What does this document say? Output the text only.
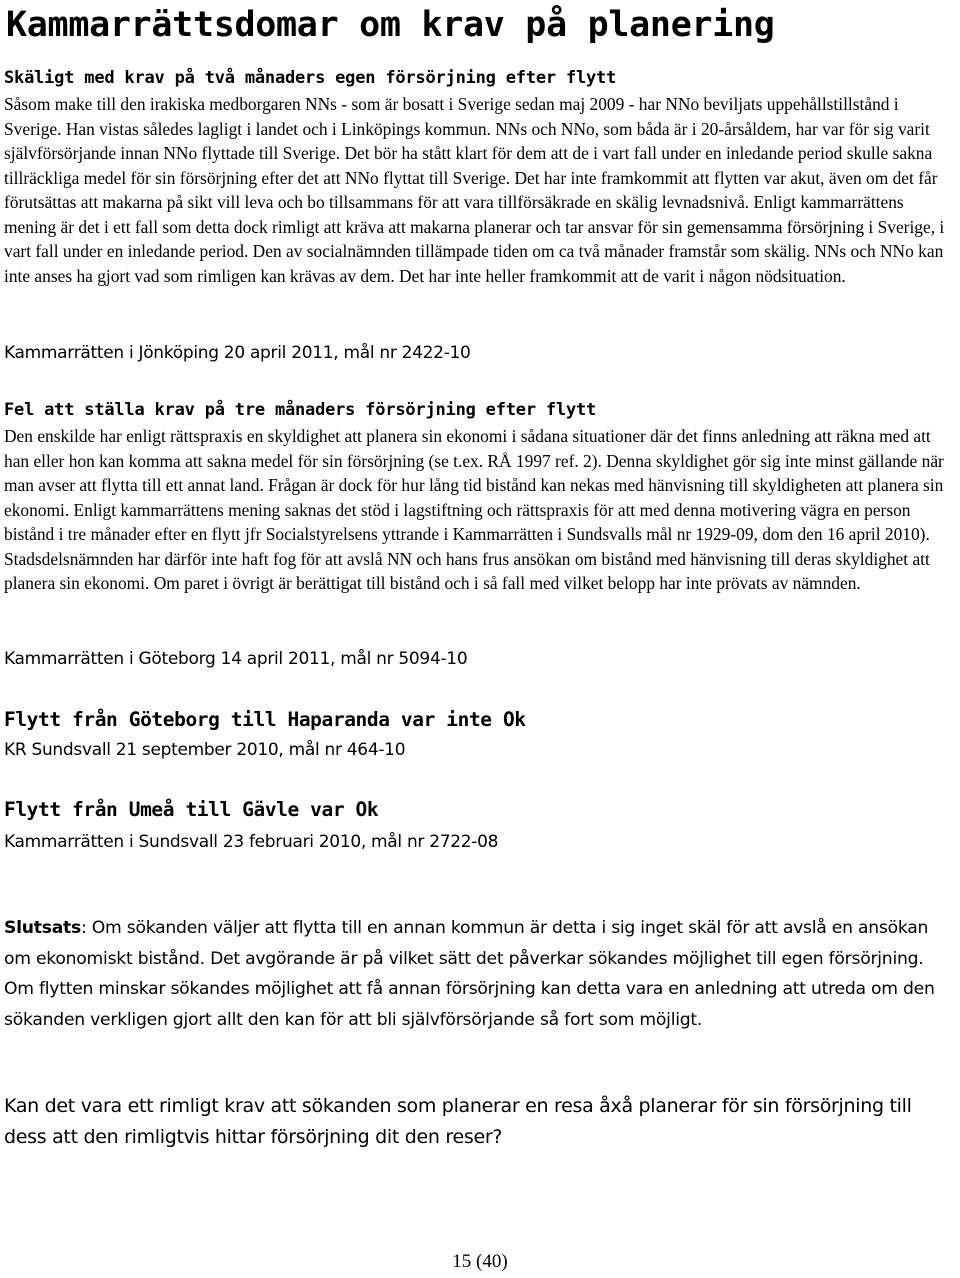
Kammarrättsdomar om krav på planering
Skäligt med krav på två månaders egen försörjning efter flytt

Såsom make till den irakiska medborgaren NNs - som är bosatt i Sverige sedan maj 2009 - har NNo beviljats uppehållstillstånd i Sverige. Han vistas således lagligt i landet och i Linköpings kommun. NNs och NNo, som båda är i 20-årsåldem, har var för sig varit självförsörjande innan NNo flyttade till Sverige. Det bör ha stått klart för dem att de i vart fall under en inledande period skulle sakna tillräckliga medel för sin försörjning efter det att NNo flyttat till Sverige. Det har inte framkommit att flytten var akut, även om det får förutsättas att makarna på sikt vill leva och bo tillsammans för att vara tillförsäkrade en skälig levnadsnivå. Enligt kammarrättens mening är det i ett fall som detta dock rimligt att kräva att makarna planerar och tar ansvar för sin gemensamma försörjning i Sverige, i vart fall under en inledande period. Den av socialnämnden tillämpade tiden om ca två månader framstår som skälig. NNs och NNo kan inte anses ha gjort vad som rimligen kan krävas av dem. Det har inte heller framkommit att de varit i någon nödsituation.

Kammarrätten i Jönköping 20 april 2011, mål nr 2422-10

Fel att ställa krav på tre månaders försörjning efter flytt

Den enskilde har enligt rättspraxis en skyldighet att planera sin ekonomi i sådana situationer där det finns anledning att räkna med att han eller hon kan komma att sakna medel för sin försörjning (se t.ex. RÅ 1997 ref. 2). Denna skyldighet gör sig inte minst gällande när man avser att flytta till ett annat land. Frågan är dock för hur lång tid bistånd kan nekas med hänvisning till skyldigheten att planera sin ekonomi. Enligt kammarrättens mening saknas det stöd i lagstiftning och rättspraxis för att med denna motivering vägra en person bistånd i tre månader efter en flytt jfr Socialstyrelsens yttrande i Kammarrätten i Sundsvalls mål nr 1929-09, dom den 16 april 2010). Stadsdelsnämnden har därför inte haft fog för att avslå NN och hans frus ansökan om bistånd med hänvisning till deras skyldighet att planera sin ekonomi. Om paret i övrigt är berättigat till bistånd och i så fall med vilket belopp har inte prövats av nämnden.

Kammarrätten i Göteborg 14 april 2011, mål nr 5094-10

Flytt från Göteborg till Haparanda var inte Ok

KR Sundsvall 21 september 2010, mål nr 464-10

Flytt från Umeå till Gävle var Ok

Kammarrätten i Sundsvall 23 februari 2010, mål nr 2722-08

Slutsats: Om sökanden väljer att flytta till en annan kommun är detta i sig inget skäl för att avslå en ansökan om ekonomiskt bistånd. Det avgörande är på vilket sätt det påverkar sökandes möjlighet till egen försörjning. Om flytten minskar sökandes möjlighet att få annan försörjning kan detta vara en anledning att utreda om den sökanden verkligen gjort allt den kan för att bli självförsörjande så fort som möjligt.

Kan det vara ett rimligt krav att sökanden som planerar en resa åxå planerar för sin försörjning till dess att den rimligtvis hittar försörjning dit den reser?

15 (40)
